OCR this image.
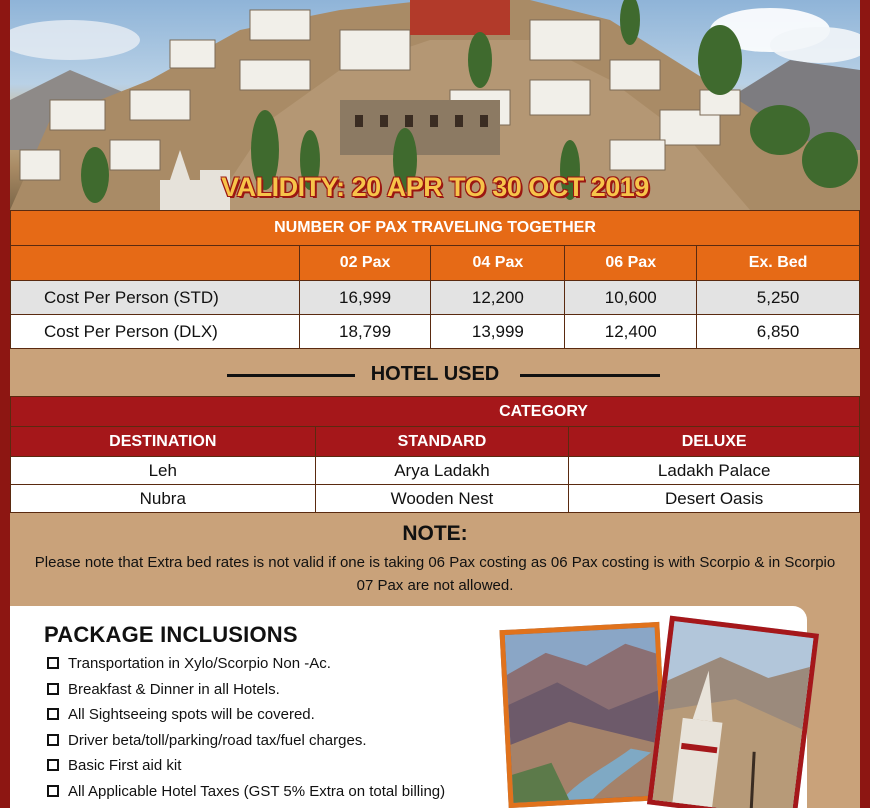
VALIDITY: 20 APR TO 30 OCT 2019
NUMBER OF PAX TRAVELING TOGETHER				
	02 Pax	04 Pax	06 Pax	Ex. Bed
Cost Per Person (STD)	16,999	12,200	10,600	5,250
Cost Per Person (DLX)	18,799	13,999	12,400	6,850
HOTEL USED
	CATEGORY	
DESTINATION	STANDARD	DELUXE
Leh	Arya Ladakh	Ladakh Palace
Nubra	Wooden Nest	Desert Oasis
NOTE:
Please note that Extra bed rates is not valid if one is taking 06 Pax costing as 06 Pax costing is with Scorpio & in Scorpio 07 Pax are not allowed.
PACKAGE INCLUSIONS
Transportation in Xylo/Scorpio Non -Ac.
Breakfast & Dinner in all Hotels.
All Sightseeing spots will be covered.
Driver beta/toll/parking/road tax/fuel charges.
Basic First aid kit
All Applicable Hotel Taxes (GST 5% Extra on total billing)
